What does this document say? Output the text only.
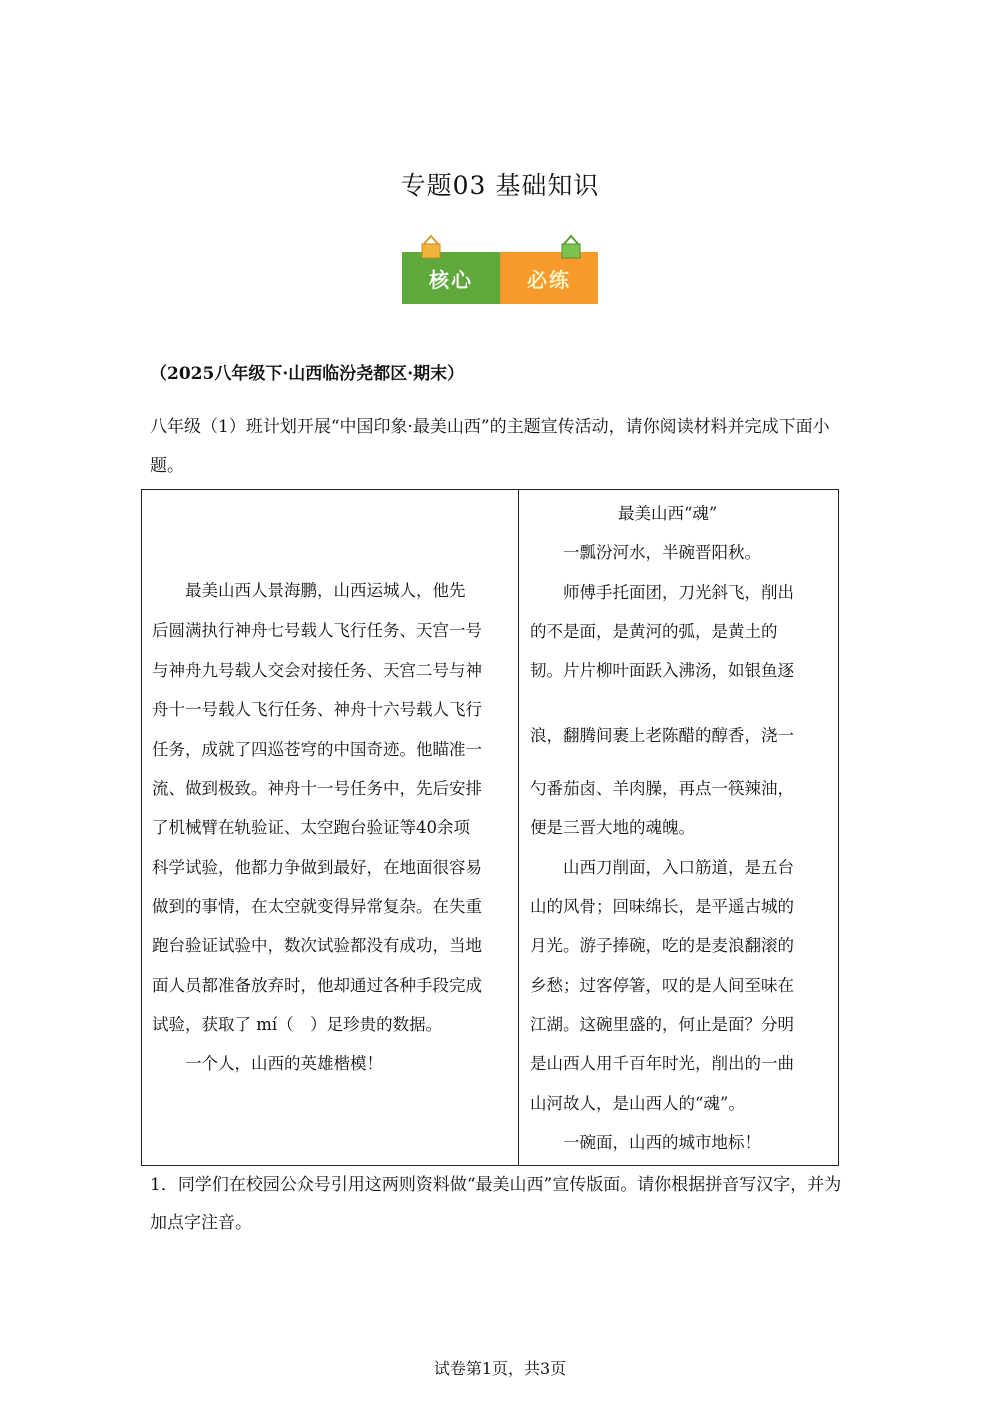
专题03 基础知识
核心	必练
（2025八年级下·山西临汾尧都区·期末）
八年级（1）班计划开展“中国印象·最美山西”的主题宣传活动，请你阅读材料并完成下面小题。
　　最美山西人景海鹏，山西运城人，他先
后圆满执行神舟七号载人飞行任务、天宫一号
与神舟九号载人交会对接任务、天宫二号与神
舟十一号载人飞行任务、神舟十六号载人飞行
任务，成就了四巡苍穹的中国奇迹。他瞄准一
流、做到极致。神舟十一号任务中，先后安排
了机械臂在轨验证、太空跑台验证等40余项
科学试验，他都力争做到最好，在地面很容易
做到的事情，在太空就变得异常复杂。在失重
跑台验证试验中，数次试验都没有成功，当地
面人员都准备放弃时，他却通过各种手段完成
试验，获取了 mí（　）足珍贵的数据。
　　一个人，山西的英雄楷模！
最美山西“魂”
　　一瓢汾河水，半碗晋阳秋。
　　师傅手托面团，刀光斜飞，削出
的不是面，是黄河的弧，是黄土的
韧。片片柳叶面跃入沸汤，如银鱼逐
浪，翻腾间裹上老陈醋的醇香，浇一
勺番茄卤、羊肉臊，再点一筷辣油，
便是三晋大地的魂魄。
　　山西刀削面，入口筋道，是五台
山的风骨；回味绵长，是平遥古城的
月光。游子捧碗，吃的是麦浪翻滚的
乡愁；过客停箸，叹的是人间至味在
江湖。这碗里盛的，何止是面？分明
是山西人用千百年时光，削出的一曲
山河故人，是山西人的“魂”。
　　一碗面，山西的城市地标！
1．同学们在校园公众号引用这两则资料做“最美山西”宣传版面。请你根据拼音写汉字，并为加点字注音。
试卷第1页，共3页
